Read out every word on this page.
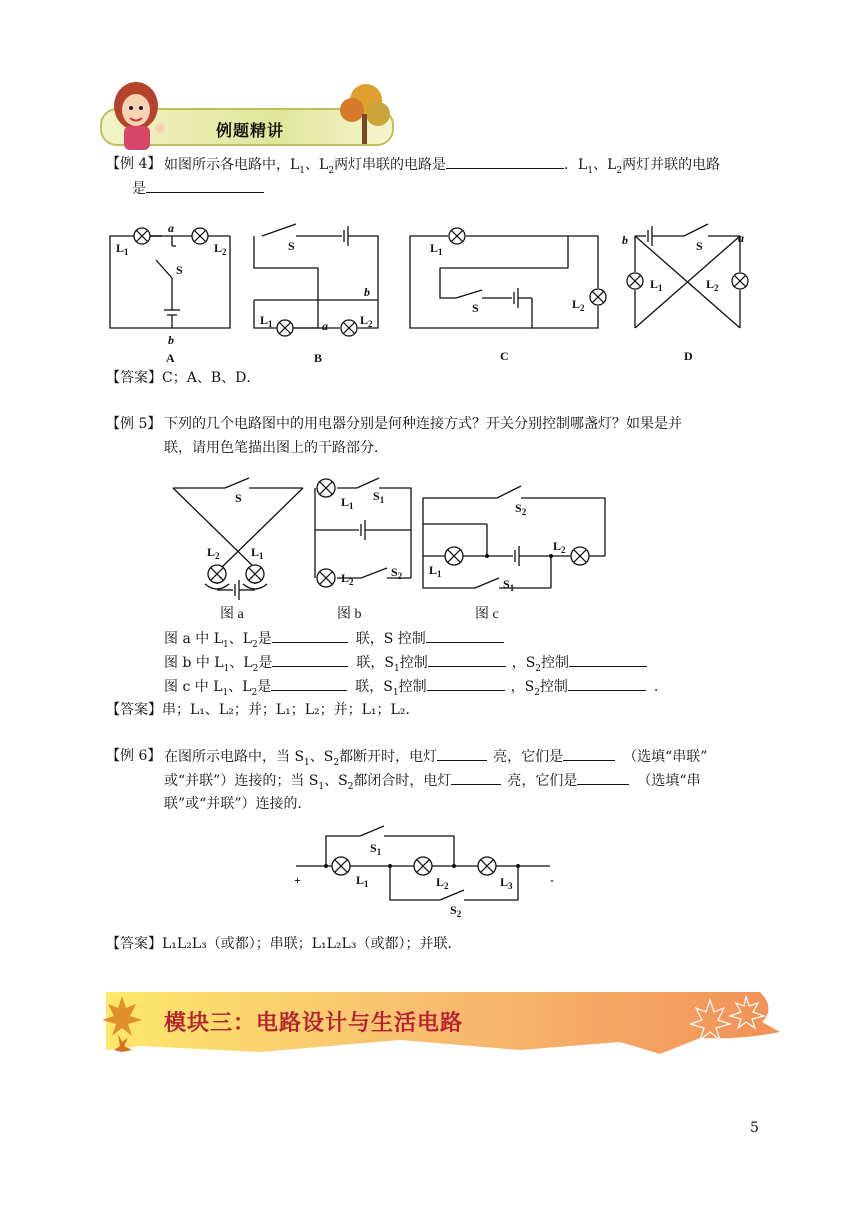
例题精讲
【例 4】 如图所示各电路中，$L_1$、$L_2$两灯串联的电路是	．$L_1$、$L_2$两灯并联的电路
是
$L_1$	$L_2$
a
S
b
S
b
$L_1$	a	$L_2$
$L_1$
S	$L_2$
b	S
a
$L_1$	$L_2$
A	B	C	D
【答案】C；A、B、D．
【例 5】 下列的几个电路图中的用电器分别是何种连接方式？开关分别控制哪盏灯？如果是并
联，请用色笔描出图上的干路部分．
S
$L_2$	$L_1$
$L_1$
$S_1$
$L_2$
$S_2$
$S_2$
$L_2$
$L_1$
$S_1$
图 a	图 b	图 c
图 a 中 $L_1$、$L_2$是	联，S 控制
图 b 中 $L_1$、$L_2$是	联，$S_1$控制	，$S_2$控制
图 c 中 $L_1$、$L_2$是	联，$S_1$控制	，$S_2$控制	.
【答案】串；L₁、L₂；并；L₁；L₂；并；L₁；L₂．
【例 6】 在图所示电路中，当 $S_1$、$S_2$都断开时，电灯	亮，它们是	（选填“串联”
或“并联”）连接的；当 $S_1$、$S_2$都闭合时，电灯	亮，它们是	（选填“串
联”或“并联”）连接的．
$S_1$
$L_1$	$L_2$	$L_3$
$S_2$
+	-
【答案】L₁L₂L₃（或都）；串联；L₁L₂L₃（或都）；并联．
模块三：电路设计与生活电路
5
